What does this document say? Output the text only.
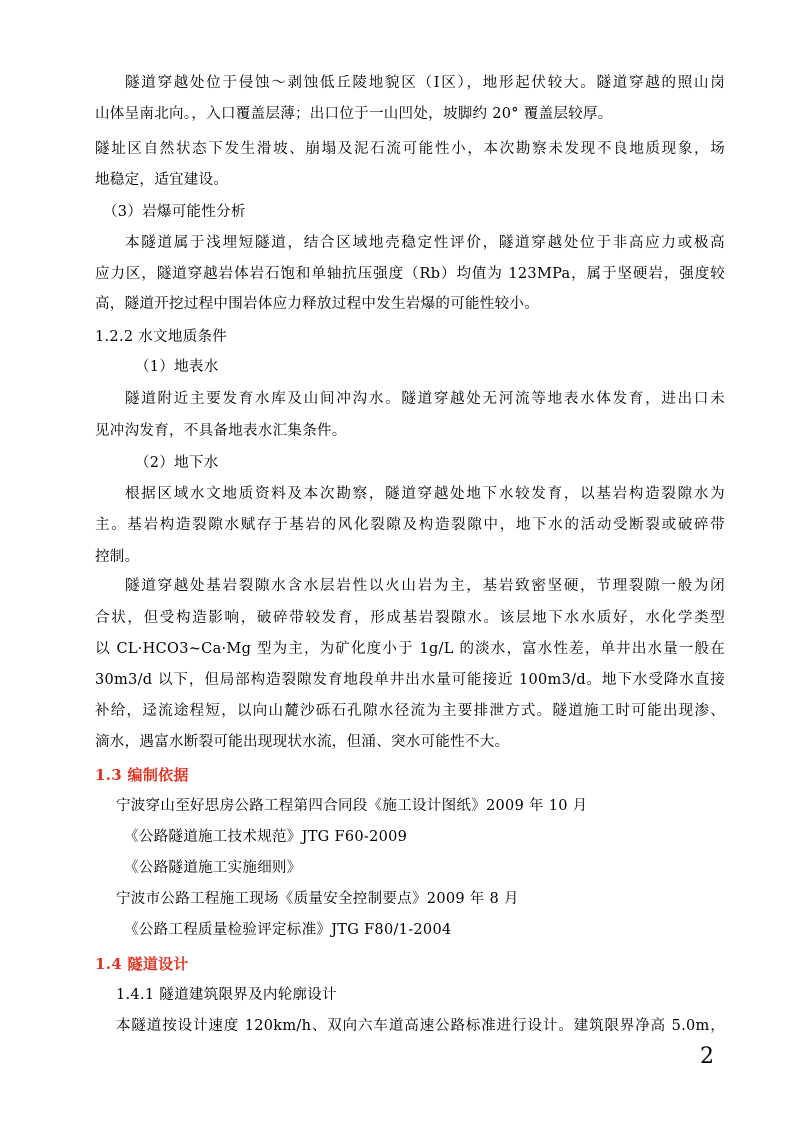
隧道穿越处位于侵蚀～剥蚀低丘陵地貌区（Ⅰ区），地形起伏较大。隧道穿越的照山岗
山体呈南北向。，入口覆盖层薄；出口位于一山凹处，坡脚约 20° 覆盖层较厚。
隧址区自然状态下发生滑坡、崩塌及泥石流可能性小，本次勘察未发现不良地质现象，场
地稳定，适宜建设。
（3）岩爆可能性分析
本隧道属于浅埋短隧道，结合区域地壳稳定性评价，隧道穿越处位于非高应力或极高
应力区，隧道穿越岩体岩石饱和单轴抗压强度（Rb）均值为 123MPa，属于坚硬岩，强度较
高，隧道开挖过程中围岩体应力释放过程中发生岩爆的可能性较小。
1.2.2 水文地质条件
（1）地表水
隧道附近主要发育水库及山间冲沟水。隧道穿越处无河流等地表水体发育，进出口未
见冲沟发育，不具备地表水汇集条件。
（2）地下水
根据区域水文地质资料及本次勘察，隧道穿越处地下水较发育，以基岩构造裂隙水为
主。基岩构造裂隙水赋存于基岩的风化裂隙及构造裂隙中，地下水的活动受断裂或破碎带
控制。
隧道穿越处基岩裂隙水含水层岩性以火山岩为主，基岩致密坚硬，节理裂隙一般为闭
合状，但受构造影响，破碎带较发育，形成基岩裂隙水。该层地下水水质好，水化学类型
以 CL·HCO3~Ca·Mg 型为主，为矿化度小于 1g/L 的淡水，富水性差，单井出水量一般在
30m3/d 以下，但局部构造裂隙发育地段单井出水量可能接近 100m3/d。地下水受降水直接
补给，迳流途程短，以向山麓沙砾石孔隙水径流为主要排泄方式。隧道施工时可能出现渗、
滴水，遇富水断裂可能出现现状水流，但涌、突水可能性不大。
1.3 编制依据
宁波穿山至好思房公路工程第四合同段《施工设计图纸》2009 年 10 月
《公路隧道施工技术规范》JTG F60-2009
《公路隧道施工实施细则》
宁波市公路工程施工现场《质量安全控制要点》2009 年 8 月
《公路工程质量检验评定标准》JTG F80/1-2004
1.4 隧道设计
1.4.1 隧道建筑限界及内轮廓设计
本隧道按设计速度 120km/h、双向六车道高速公路标准进行设计。建筑限界净高 5.0m，
2
